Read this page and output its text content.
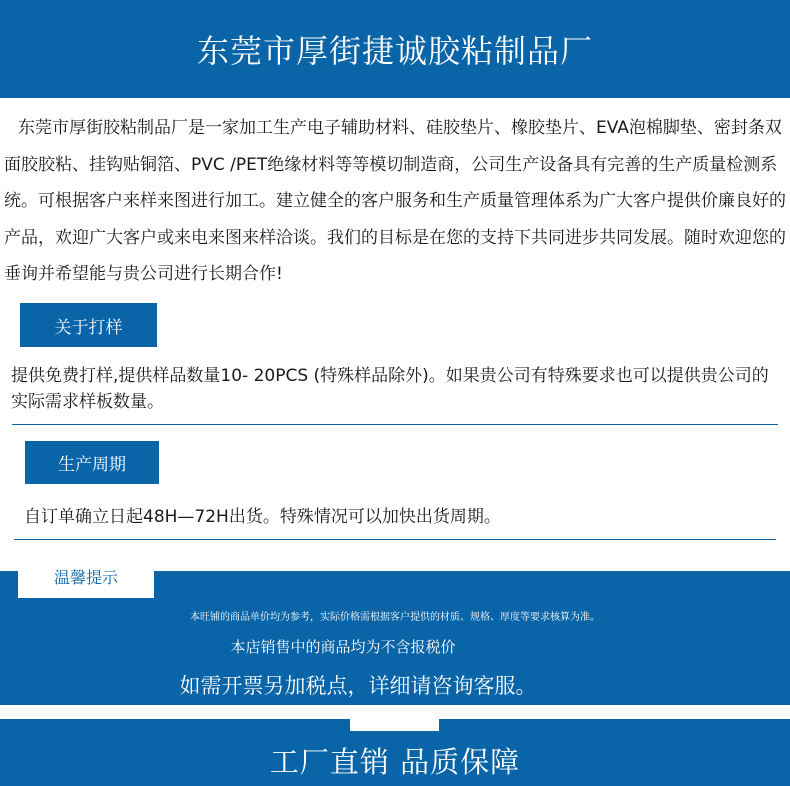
东莞市厚街捷诚胶粘制品厂

东莞市厚街胶粘制品厂是一家加工生产电子辅助材料、硅胶垫片、橡胶垫片、EVA泡棉脚垫、密封条双面胶胶粘、挂钩贴铜箔、PVC /PET绝缘材料等等模切制造商，公司生产设备具有完善的生产质量检测系统。可根据客户来样来图进行加工。建立健全的客户服务和生产质量管理体系为广大客户提供价廉良好的产品，欢迎广大客户或来电来图来样洽谈。我们的目标是在您的支持下共同进步共同发展。随时欢迎您的垂询并希望能与贵公司进行长期合作!

关于打样

提供免费打样,提供样品数量10- 20PCS (特殊样品除外)。如果贵公司有特殊要求也可以提供贵公司的实际需求样板数量。

生产周期

自订单确立日起48H—72H出货。特殊情况可以加快出货周期。

温馨提示
本旺铺的商品单价均为参考，实际价格需根据客户提供的材质、规格、厚度等要求核算为准。
本店销售中的商品均为不含报税价
如需开票另加税点，详细请咨询客服。
工厂直销 品质保障
